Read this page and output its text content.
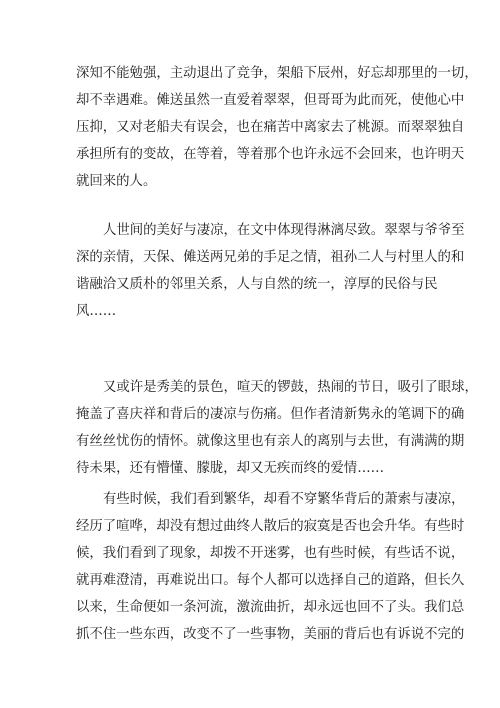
深知不能勉强，主动退出了竞争，架船下辰州，好忘却那里的一切，
却不幸遇难。傩送虽然一直爱着翠翠，但哥哥为此而死，使他心中
压抑，又对老船夫有误会，也在痛苦中离家去了桃源。而翠翠独自
承担所有的变故，在等着，等着那个也许永远不会回来，也许明天
就回来的人。
人世间的美好与凄凉，在文中体现得淋漓尽致。翠翠与爷爷至
深的亲情，天保、傩送两兄弟的手足之情，祖孙二人与村里人的和
谐融洽又质朴的邻里关系，人与自然的统一，淳厚的民俗与民
风……
又或许是秀美的景色，喧天的锣鼓，热闹的节日，吸引了眼球，
掩盖了喜庆祥和背后的凄凉与伤痛。但作者清新隽永的笔调下的确
有丝丝忧伤的情怀。就像这里也有亲人的离别与去世，有满满的期
待未果，还有懵懂、朦胧，却又无疾而终的爱情……
有些时候，我们看到繁华，却看不穿繁华背后的萧索与凄凉，
经历了喧哗，却没有想过曲终人散后的寂寞是否也会升华。有些时
候，我们看到了现象，却拨不开迷雾，也有些时候，有些话不说，
就再难澄清，再难说出口。每个人都可以选择自己的道路，但长久
以来，生命便如一条河流，激流曲折，却永远也回不了头。我们总
抓不住一些东西，改变不了一些事物，美丽的背后也有诉说不完的
